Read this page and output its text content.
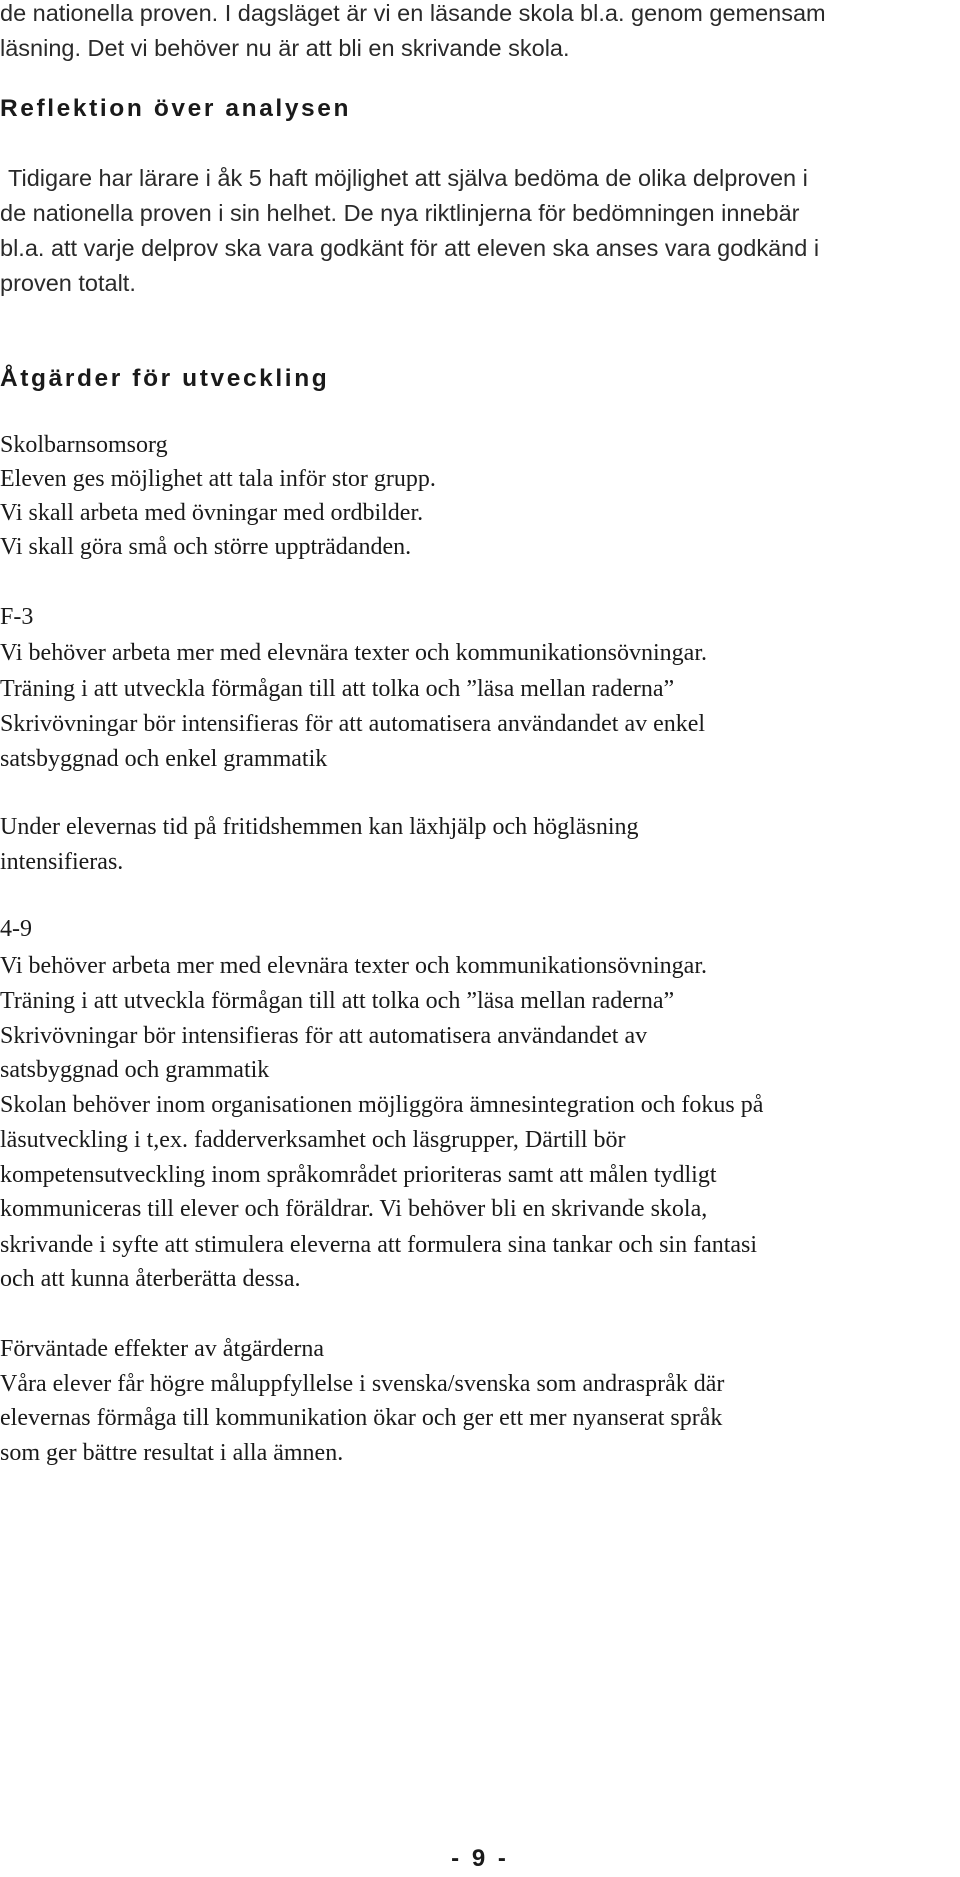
de nationella proven. I dagsläget är vi en läsande skola bl.a. genom gemensam
läsning. Det vi behöver nu är att bli en skrivande skola.
Reflektion över analysen
Tidigare har lärare i åk 5 haft möjlighet att själva bedöma de olika delproven i
de nationella proven i sin helhet. De nya riktlinjerna för bedömningen innebär
bl.a. att varje delprov ska vara godkänt för att eleven ska anses vara godkänd i
proven totalt.
Åtgärder för utveckling
Skolbarnsomsorg
Eleven ges möjlighet att tala inför stor grupp.
Vi skall arbeta med övningar med ordbilder.
Vi skall göra små och större uppträdanden.
F-3
Vi behöver arbeta mer med elevnära texter och kommunikationsövningar.
Träning i att utveckla förmågan till att tolka och ”läsa mellan raderna”
Skrivövningar bör intensifieras för att automatisera användandet av enkel
satsbyggnad och enkel grammatik
Under elevernas tid på fritidshemmen kan läxhjälp och högläsning
intensifieras.
4-9
Vi behöver arbeta mer med elevnära texter och kommunikationsövningar.
Träning i att utveckla förmågan till att tolka och ”läsa mellan raderna”
Skrivövningar bör intensifieras för att automatisera användandet av
satsbyggnad och grammatik
Skolan behöver inom organisationen möjliggöra ämnesintegration och fokus på
läsutveckling i t,ex. fadderverksamhet och läsgrupper, Därtill bör
kompetensutveckling inom språkområdet prioriteras samt att målen tydligt
kommuniceras till elever och föräldrar. Vi behöver bli en skrivande skola,
skrivande i syfte att stimulera eleverna att formulera sina tankar och sin fantasi
och att kunna återberätta dessa.
Förväntade effekter av åtgärderna
Våra elever får högre måluppfyllelse i svenska/svenska som andraspråk där
elevernas förmåga till kommunikation ökar och ger ett mer nyanserat språk
som ger bättre resultat i alla ämnen.
- 9 -
